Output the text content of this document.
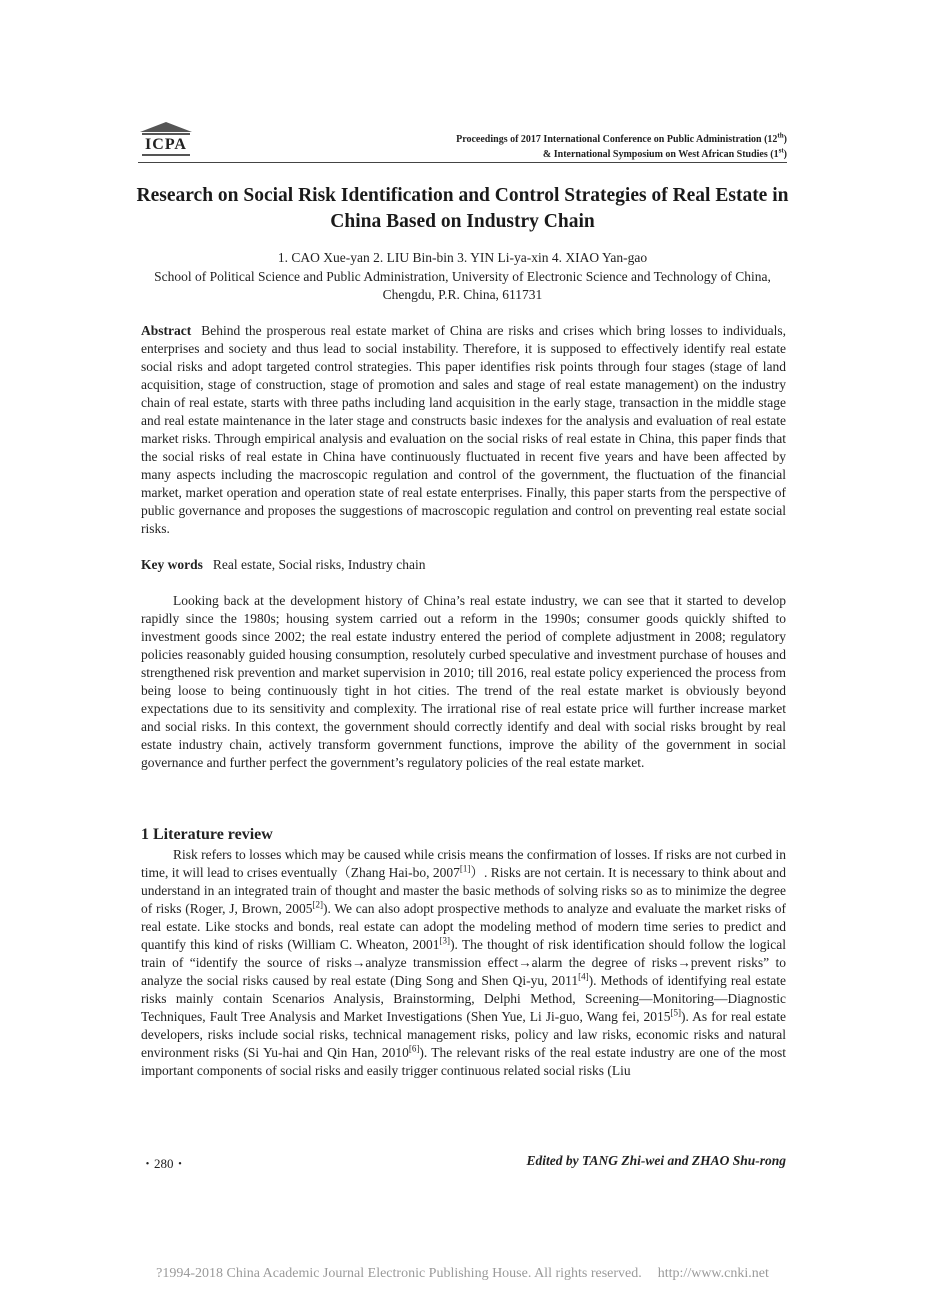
ICPA	Proceedings of 2017 International Conference on Public Administration (12th)
& International Symposium on West African Studies (1st)
Research on Social Risk Identification and Control Strategies of Real Estate in China Based on Industry Chain
1. CAO Xue-yan 2. LIU Bin-bin 3. YIN Li-ya-xin 4. XIAO Yan-gao
School of Political Science and Public Administration, University of Electronic Science and Technology of China, Chengdu, P.R. China, 611731
Abstract Behind the prosperous real estate market of China are risks and crises which bring losses to individuals, enterprises and society and thus lead to social instability. Therefore, it is supposed to effectively identify real estate social risks and adopt targeted control strategies. This paper identifies risk points through four stages (stage of land acquisition, stage of construction, stage of promotion and sales and stage of real estate management) on the industry chain of real estate, starts with three paths including land acquisition in the early stage, transaction in the middle stage and real estate maintenance in the later stage and constructs basic indexes for the analysis and evaluation of real estate market risks. Through empirical analysis and evaluation on the social risks of real estate in China, this paper finds that the social risks of real estate in China have continuously fluctuated in recent five years and have been affected by many aspects including the macroscopic regulation and control of the government, the fluctuation of the financial market, market operation and operation state of real estate enterprises. Finally, this paper starts from the perspective of public governance and proposes the suggestions of macroscopic regulation and control on preventing real estate social risks.
Key words Real estate, Social risks, Industry chain
Looking back at the development history of China’s real estate industry, we can see that it started to develop rapidly since the 1980s; housing system carried out a reform in the 1990s; consumer goods quickly shifted to investment goods since 2002; the real estate industry entered the period of complete adjustment in 2008; regulatory policies reasonably guided housing consumption, resolutely curbed speculative and investment purchase of houses and strengthened risk prevention and market supervision in 2010; till 2016, real estate policy experienced the process from being loose to being continuously tight in hot cities. The trend of the real estate market is obviously beyond expectations due to its sensitivity and complexity. The irrational rise of real estate price will further increase market and social risks. In this context, the government should correctly identify and deal with social risks brought by real estate industry chain, actively transform government functions, improve the ability of the government in social governance and further perfect the government’s regulatory policies of the real estate market.
1 Literature review
Risk refers to losses which may be caused while crisis means the confirmation of losses. If risks are not curbed in time, it will lead to crises eventually（Zhang Hai-bo, 2007[1]）. Risks are not certain. It is necessary to think about and understand in an integrated train of thought and master the basic methods of solving risks so as to minimize the degree of risks (Roger, J, Brown, 2005[2]). We can also adopt prospective methods to analyze and evaluate the market risks of real estate. Like stocks and bonds, real estate can adopt the modeling method of modern time series to predict and quantify this kind of risks (William C. Wheaton, 2001[3]). The thought of risk identification should follow the logical train of “identify the source of risks→analyze transmission effect→alarm the degree of risks→prevent risks” to analyze the social risks caused by real estate (Ding Song and Shen Qi-yu, 2011[4]). Methods of identifying real estate risks mainly contain Scenarios Analysis, Brainstorming, Delphi Method, Screening—Monitoring—Diagnostic Techniques, Fault Tree Analysis and Market Investigations (Shen Yue, Li Ji-guo, Wang fei, 2015[5]). As for real estate developers, risks include social risks, technical management risks, policy and law risks, economic risks and natural environment risks (Si Yu-hai and Qin Han, 2010[6]). The relevant risks of the real estate industry are one of the most important components of social risks and easily trigger continuous related social risks (Liu
・280・	Edited by TANG Zhi-wei and ZHAO Shu-rong
?1994-2018 China Academic Journal Electronic Publishing House. All rights reserved. http://www.cnki.net
